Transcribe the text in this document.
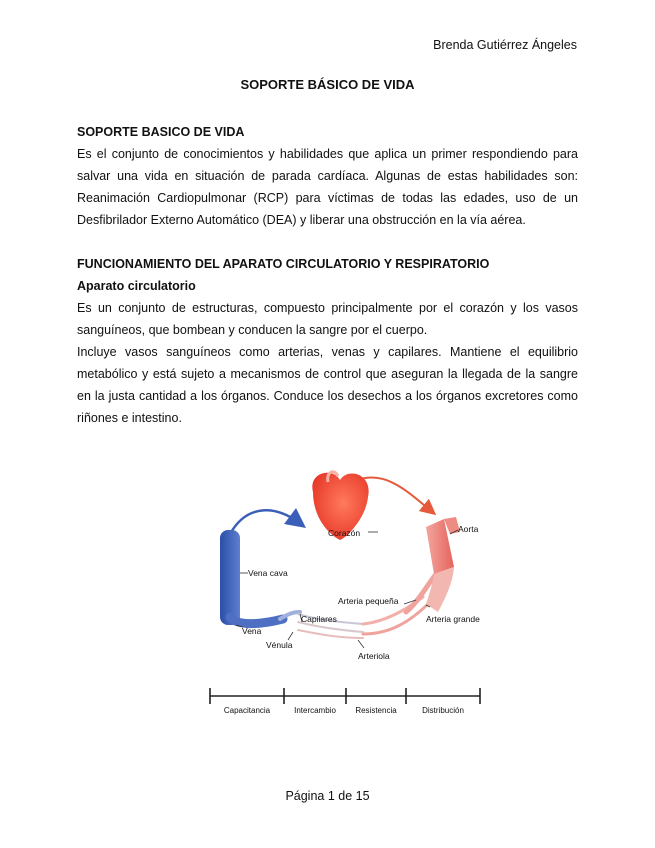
Brenda Gutiérrez Ángeles
SOPORTE BÁSICO DE VIDA
SOPORTE BASICO DE VIDA

Es el conjunto de conocimientos y habilidades que aplica un primer respondiendo para salvar una vida en situación de parada cardíaca. Algunas de estas habilidades son: Reanimación Cardiopulmonar (RCP) para víctimas de todas las edades, uso de un Desfibrilador Externo Automático (DEA) y liberar una obstrucción en la vía aérea.

FUNCIONAMIENTO DEL APARATO CIRCULATORIO Y RESPIRATORIO
Aparato circulatorio

Es un conjunto de estructuras, compuesto principalmente por el corazón y los vasos sanguíneos, que bombean y conducen la sangre por el cuerpo.

Incluye vasos sanguíneos como arterias, venas y capilares. Mantiene el equilibrio metabólico y está sujeto a mecanismos de control que aseguran la llegada de la sangre en la justa cantidad a los órganos. Conduce los desechos a los órganos excretores como riñones e intestino.

Corazón	Aorta
Vena cava
Arteria pequeña
Arteria grande
Capilares
Vena
Vénula
Arteriola
Capacitancia	Intercambio Resistencia	Distribución
Página 1 de 15
